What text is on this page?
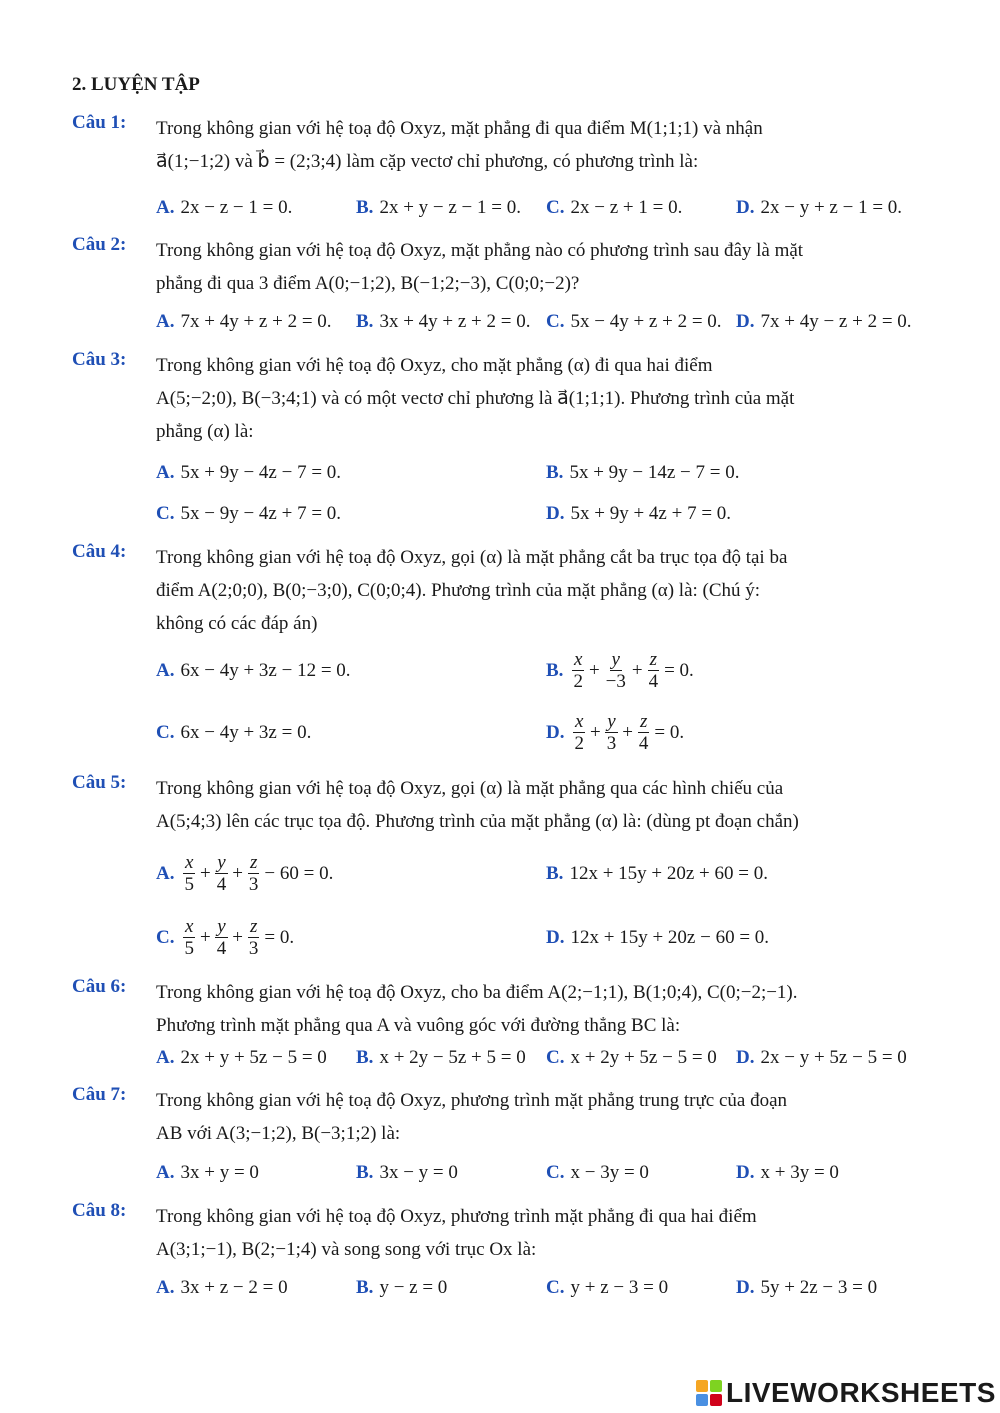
2. LUYỆN TẬP
Câu 1:	Trong không gian với hệ toạ độ Oxyz, mặt phẳng đi qua điểm M(1;1;1) và nhận
a⃗(1;−1;2) và b⃗ = (2;3;4) làm cặp vectơ chỉ phương, có phương trình là:
A. 2x − z − 1 = 0.	B. 2x + y − z − 1 = 0. C. 2x − z + 1 = 0.	D. 2x − y + z − 1 = 0.
Câu 2:	Trong không gian với hệ toạ độ Oxyz, mặt phẳng nào có phương trình sau đây là mặt
phẳng đi qua 3 điểm A(0;−1;2), B(−1;2;−3), C(0;0;−2)?
A. 7x + 4y + z + 2 = 0. B. 3x + 4y + z + 2 = 0. C. 5x − 4y + z + 2 = 0. D. 7x + 4y − z + 2 = 0.
Câu 3:	Trong không gian với hệ toạ độ Oxyz, cho mặt phẳng (α) đi qua hai điểm
A(5;−2;0), B(−3;4;1) và có một vectơ chỉ phương là a⃗(1;1;1). Phương trình của mặt
phẳng (α) là:
A. 5x + 9y − 4z − 7 = 0.	B. 5x + 9y − 14z − 7 = 0.
C. 5x − 9y − 4z + 7 = 0.	D. 5x + 9y + 4z + 7 = 0.
Câu 4:	Trong không gian với hệ toạ độ Oxyz, gọi (α) là mặt phẳng cắt ba trục tọa độ tại ba
điểm A(2;0;0), B(0;−3;0), C(0;0;4). Phương trình của mặt phẳng (α) là: (Chú ý:
không có các đáp án)
A. 6x − 4y + 3z − 12 = 0.	B. $\frac{x}{2} + \frac{y}{-3} + \frac{z}{4} = 0$.
C. 6x − 4y + 3z = 0.	D. $\frac{x}{2} + \frac{y}{3} + \frac{z}{4} = 0$.
Câu 5:	Trong không gian với hệ toạ độ Oxyz, gọi (α) là mặt phẳng qua các hình chiếu của
A(5;4;3) lên các trục tọa độ. Phương trình của mặt phẳng (α) là: (dùng pt đoạn chắn)
A. $\frac{x}{5} + \frac{y}{4} + \frac{z}{3} - 60 = 0$.	B. 12x + 15y + 20z + 60 = 0.
C. $\frac{x}{5} + \frac{y}{4} + \frac{z}{3} = 0$.	D. 12x + 15y + 20z − 60 = 0.
Câu 6:	Trong không gian với hệ toạ độ Oxyz, cho ba điểm A(2;−1;1), B(1;0;4), C(0;−2;−1).
Phương trình mặt phẳng qua A và vuông góc với đường thẳng BC là:
A. 2x + y + 5z − 5 = 0 B. x + 2y − 5z + 5 = 0 C. x + 2y + 5z − 5 = 0 D. 2x − y + 5z − 5 = 0
Câu 7:	Trong không gian với hệ toạ độ Oxyz, phương trình mặt phẳng trung trực của đoạn
AB với A(3;−1;2), B(−3;1;2) là:
A. 3x + y = 0	B. 3x − y = 0	C. x − 3y = 0	D. x + 3y = 0
Câu 8:	Trong không gian với hệ toạ độ Oxyz, phương trình mặt phẳng đi qua hai điểm
A(3;1;−1), B(2;−1;4) và song song với trục Ox là:
A. 3x + z − 2 = 0	B. y − z = 0	C. y + z − 3 = 0	D. 5y + 2z − 3 = 0
LIVEWORKSHEETS
